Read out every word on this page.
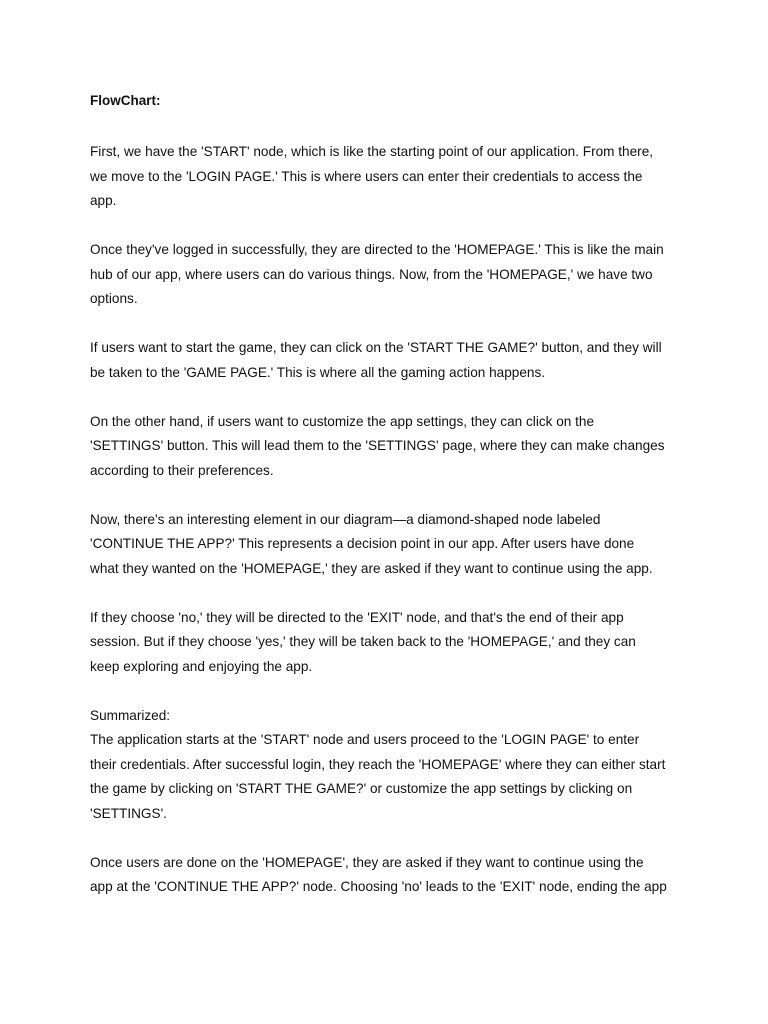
FlowChart:

First, we have the 'START' node, which is like the starting point of our application. From there,
we move to the 'LOGIN PAGE.' This is where users can enter their credentials to access the
app.

Once they've logged in successfully, they are directed to the 'HOMEPAGE.' This is like the main
hub of our app, where users can do various things. Now, from the 'HOMEPAGE,' we have two
options.

If users want to start the game, they can click on the 'START THE GAME?' button, and they will
be taken to the 'GAME PAGE.' This is where all the gaming action happens.

On the other hand, if users want to customize the app settings, they can click on the
'SETTINGS' button. This will lead them to the 'SETTINGS' page, where they can make changes
according to their preferences.

Now, there's an interesting element in our diagram—a diamond-shaped node labeled
'CONTINUE THE APP?' This represents a decision point in our app. After users have done
what they wanted on the 'HOMEPAGE,' they are asked if they want to continue using the app.

If they choose 'no,' they will be directed to the 'EXIT' node, and that's the end of their app
session. But if they choose 'yes,' they will be taken back to the 'HOMEPAGE,' and they can
keep exploring and enjoying the app.

Summarized:
The application starts at the 'START' node and users proceed to the 'LOGIN PAGE' to enter
their credentials. After successful login, they reach the 'HOMEPAGE' where they can either start
the game by clicking on 'START THE GAME?' or customize the app settings by clicking on
'SETTINGS'.

Once users are done on the 'HOMEPAGE', they are asked if they want to continue using the
app at the 'CONTINUE THE APP?' node. Choosing 'no' leads to the 'EXIT' node, ending the app
